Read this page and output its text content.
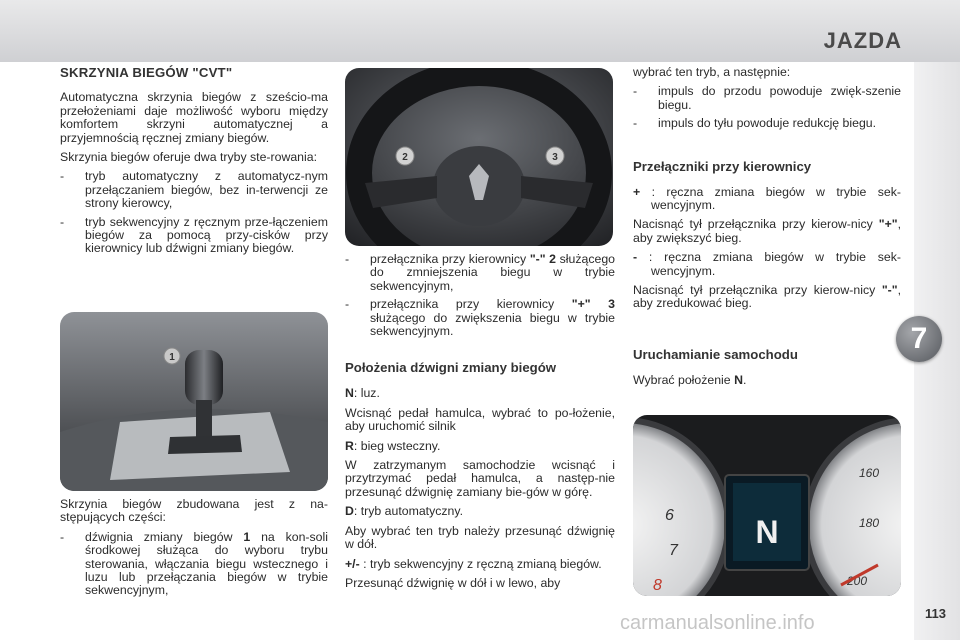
JAZDA
7
SKRZYNIA BIEGÓW "CVT"

Automatyczna skrzynia biegów z sześcio-ma przełożeniami daje możliwość wyboru między komfortem skrzyni automatycznej a przyjemnością ręcznej zmiany biegów.

Skrzynia biegów oferuje dwa tryby ste-rowania:

- tryb automatyczny z automatycz-nym przełączaniem biegów, bez in-terwencji ze strony kierowcy,
- tryb sekwencyjny z ręcznym prze-łączeniem biegów za pomocą przy-cisków przy kierownicy lub dźwigni zmiany biegów.
1

Skrzynia biegów zbudowana jest z na-stępujących części:

- dźwignia zmiany biegów 1 na kon-soli środkowej służąca do wyboru trybu sterowania, włączania biegu wstecznego i luzu lub przełączania biegów w trybie sekwencyjnym,
2	3
- przełącznika przy kierownicy "-" 2 służącego do zmniejszenia biegu w trybie sekwencyjnym,
- przełącznika przy kierownicy "+" 3 służącego do zwiększenia biegu w trybie sekwencyjnym.
Położenia dźwigni zmiany biegów

N: luz.

Wcisnąć pedał hamulca, wybrać to po-łożenie, aby uruchomić silnik

R: bieg wsteczny.

W zatrzymanym samochodzie wcisnąć i przytrzymać pedał hamulca, a następ-nie przesunąć dźwignię zamiany bie-gów w górę.

D: tryb automatyczny.

Aby wybrać ten tryb należy przesunąć dźwignię w dół.

+/- : tryb sekwencyjny z ręczną zmianą biegów.

Przesunąć dźwignię w dół i w lewo, aby

wybrać ten tryb, a następnie:

- impuls do przodu powoduje zwięk-szenie biegu.
- impuls do tyłu powoduje redukcję biegu.
Przełączniki przy kierownicy

+ : ręczna zmiana biegów w trybie sek-wencyjnym.

Nacisnąć tył przełącznika przy kierow-nicy "+", aby zwiększyć bieg.

- : ręczna zmiana biegów w trybie sek-wencyjnym.

Nacisnąć tył przełącznika przy kierow-nicy "-", aby zredukować bieg.

Uruchamianie samochodu

Wybrać położenie N.

6
7
8
160
180
200
N
carmanualsonline.info	113
